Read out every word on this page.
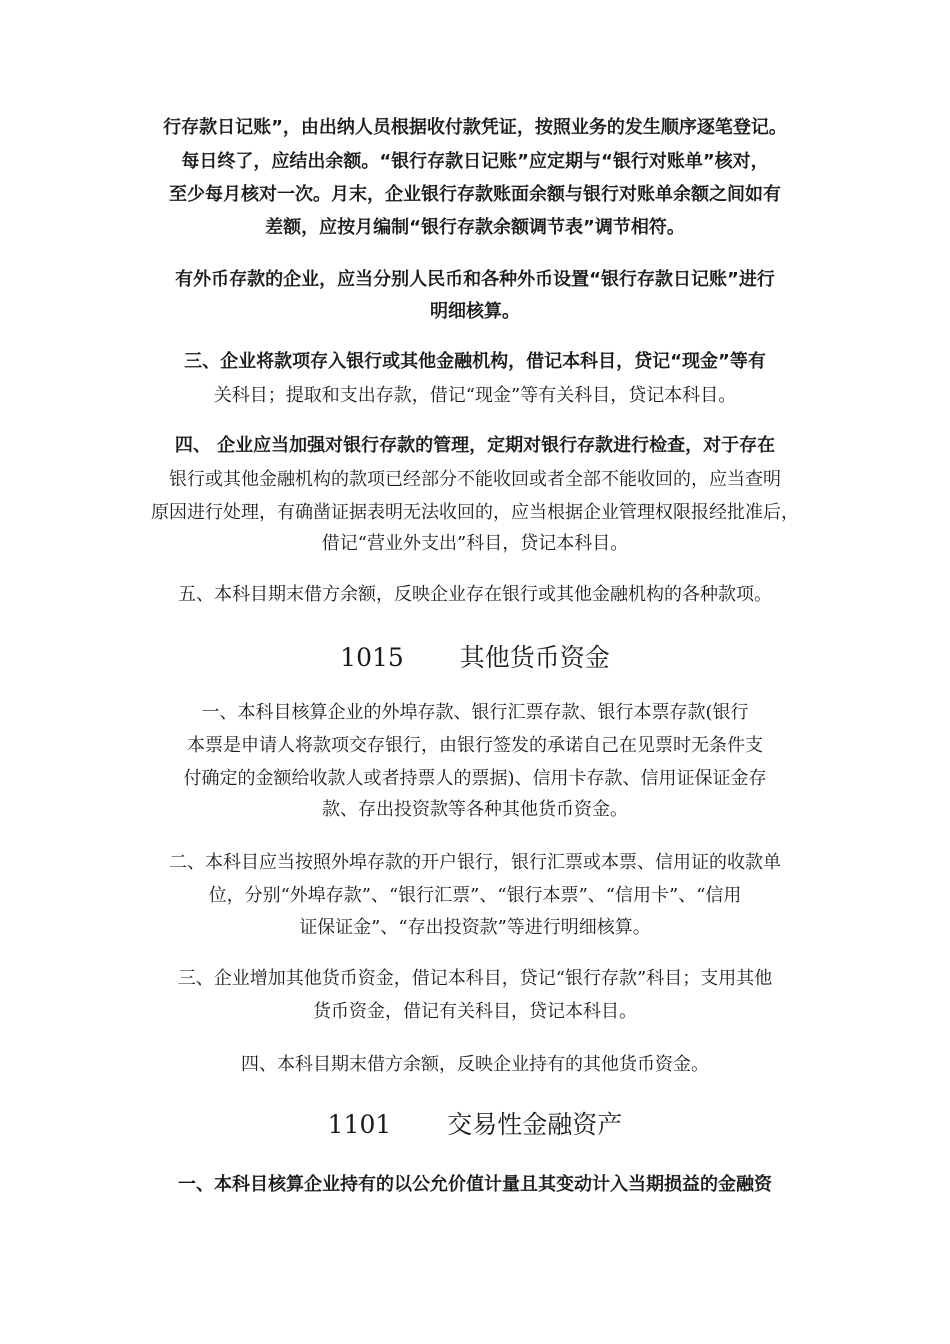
行存款日记账”，由出纳人员根据收付款凭证，按照业务的发生顺序逐笔登记。
每日终了，应结出余额。“银行存款日记账”应定期与“银行对账单”核对，
至少每月核对一次。月末，企业银行存款账面余额与银行对账单余额之间如有
差额，应按月编制“银行存款余额调节表”调节相符。
有外币存款的企业，应当分别人民币和各种外币设置“银行存款日记账”进行
明细核算。
三、企业将款项存入银行或其他金融机构，借记本科目，贷记“现金”等有
关科目；提取和支出存款，借记“现金”等有关科目，贷记本科目。
四、 企业应当加强对银行存款的管理，定期对银行存款进行检查，对于存在
银行或其他金融机构的款项已经部分不能收回或者全部不能收回的，应当查明
原因进行处理，有确凿证据表明无法收回的，应当根据企业管理权限报经批准后，
借记“营业外支出”科目，贷记本科目。
五、本科目期末借方余额，反映企业存在银行或其他金融机构的各种款项。
1015 其他货币资金
一、本科目核算企业的外埠存款、银行汇票存款、银行本票存款(银行
本票是申请人将款项交存银行，由银行签发的承诺自己在见票时无条件支
付确定的金额给收款人或者持票人的票据)、信用卡存款、信用证保证金存
款、存出投资款等各种其他货币资金。
二、本科目应当按照外埠存款的开户银行，银行汇票或本票、信用证的收款单
位，分别“外埠存款”、“银行汇票”、“银行本票”、“信用卡”、“信用
证保证金”、“存出投资款”等进行明细核算。
三、企业增加其他货币资金，借记本科目，贷记“银行存款”科目；支用其他
货币资金，借记有关科目，贷记本科目。
四、本科目期末借方余额，反映企业持有的其他货币资金。
1101 交易性金融资产
一、本科目核算企业持有的以公允价值计量且其变动计入当期损益的金融资
